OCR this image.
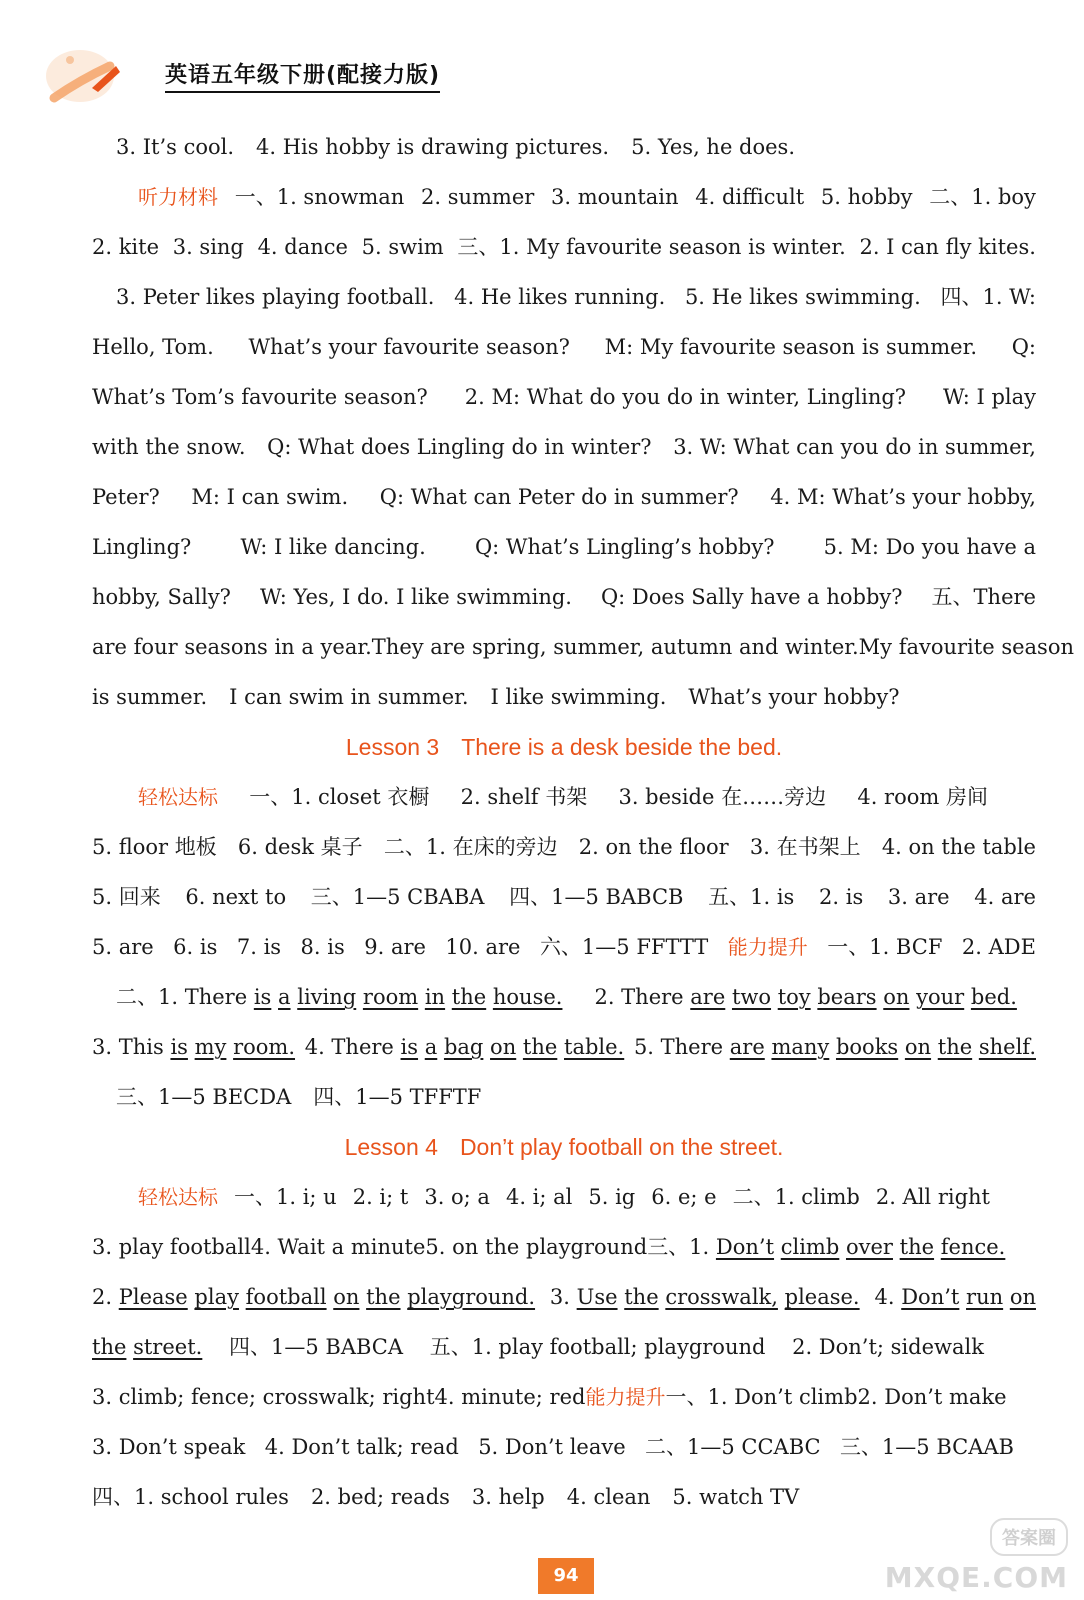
英语五年级下册(配接力版)
3. It’s cool. 4. His hobby is drawing pictures. 5. Yes, he does.
听力材料 一、1. snowman 2. summer 3. mountain 4. difficult 5. hobby 二、1. boy
2. kite 3. sing 4. dance 5. swim 三、1. My favourite season is winter. 2. I can fly kites.
3. Peter likes playing football. 4. He likes running. 5. He likes swimming. 四、1. W:
Hello, Tom. What’s your favourite season? M: My favourite season is summer. Q:
What’s Tom’s favourite season? 2. M: What do you do in winter, Lingling? W: I play
with the snow. Q: What does Lingling do in winter? 3. W: What can you do in summer,
Peter? M: I can swim. Q: What can Peter do in summer? 4. M: What’s your hobby,
Lingling? W: I like dancing. Q: What’s Lingling’s hobby? 5. M: Do you have a
hobby, Sally? W: Yes, I do. I like swimming. Q: Does Sally have a hobby? 五、There
are four seasons in a year. They are spring, summer, autumn and winter. My favourite season
is summer. I can swim in summer. I like swimming. What’s your hobby?
Lesson 3 There is a desk beside the bed.
轻松达标 一、1. closet 衣橱 2. shelf 书架 3. beside 在……旁边 4. room 房间
5. floor 地板 6. desk 桌子 二、1. 在床的旁边 2. on the floor 3. 在书架上 4. on the table
5. 回来 6. next to 三、1—5 CBABA 四、1—5 BABCB 五、1. is 2. is 3. are 4. are
5. are 6. is 7. is 8. is 9. are 10. are 六、1—5 FFTTT 能力提升 一、1. BCF 2. ADE
二、1. There is a living room in the house. 2. There are two toy bears on your bed.
3. This is my room. 4. There is a bag on the table. 5. There are many books on the shelf.
三、1—5 BECDA 四、1—5 TFFTF
Lesson 4 Don’t play football on the street.
轻松达标 一、1. i; u 2. i; t 3. o; a 4. i; al 5. ig 6. e; e 二、1. climb 2. All right
3. play football 4. Wait a minute 5. on the playground 三、1. Don’t climb over the fence.
2. Please play football on the playground. 3. Use the crosswalk, please. 4. Don’t run on
the street. 四、1—5 BABCA 五、1. play football; playground 2. Don’t; sidewalk
3. climb; fence; crosswalk; right 4. minute; red 能力提升 一、1. Don’t climb 2. Don’t make
3. Don’t speak 4. Don’t talk; read 5. Don’t leave 二、1—5 CCABC 三、1—5 BCAAB
四、1. school rules 2. bed; reads 3. help 4. clean 5. watch TV
94
答案圈
MXQE.COM
